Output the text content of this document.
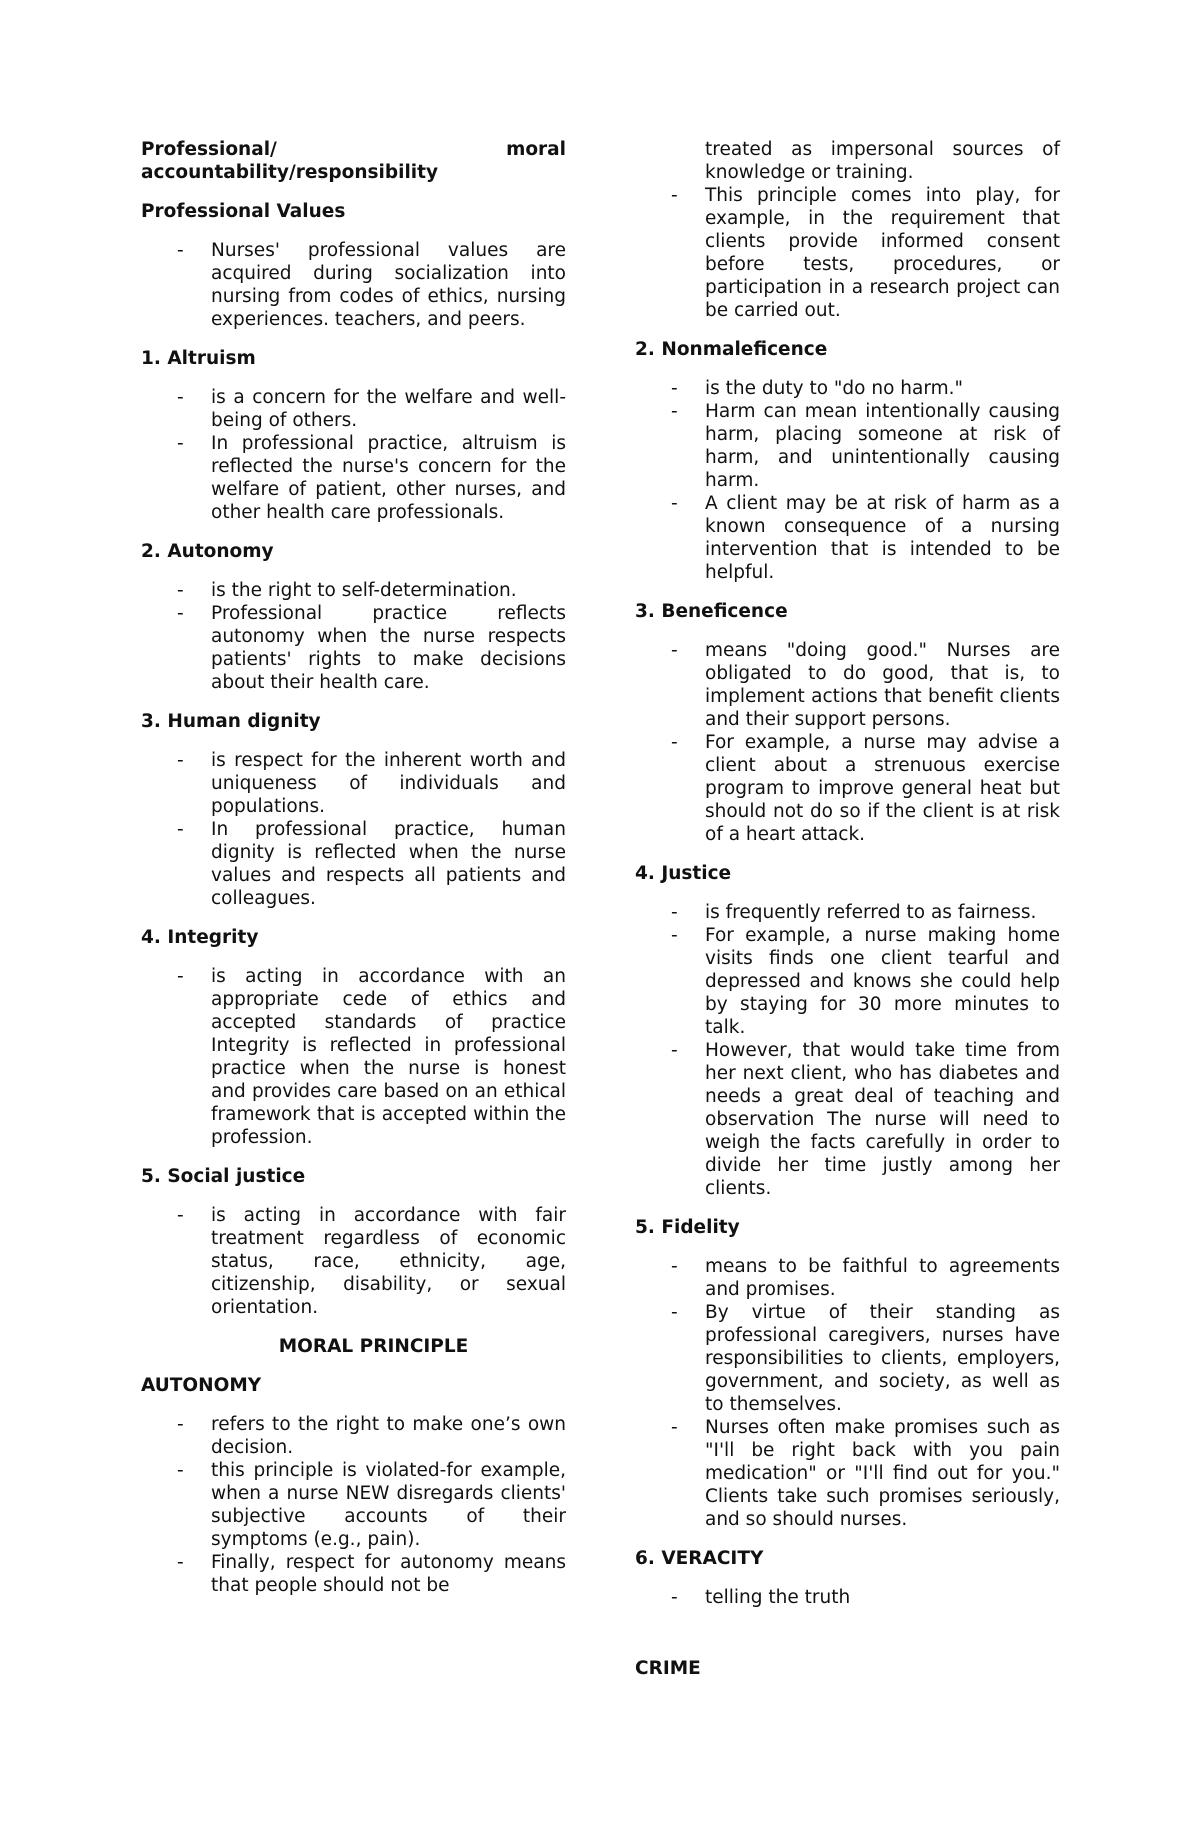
Professional/	moral
accountability/responsibility
Professional Values
- Nurses' professional values are acquired during socialization into nursing from codes of ethics, nursing experiences. teachers, and peers.
1. Altruism
- is a concern for the welfare and well-being of others.
- In professional practice, altruism is reflected the nurse's concern for the welfare of patient, other nurses, and other health care professionals.
2. Autonomy
- is the right to self-determination.
- Professional practice reflects autonomy when the nurse respects patients' rights to make decisions about their health care.
3. Human dignity
- is respect for the inherent worth and uniqueness of individuals and populations.
- In professional practice, human dignity is reflected when the nurse values and respects all patients and colleagues.
4. Integrity
- is acting in accordance with an appropriate cede of ethics and accepted standards of practice Integrity is reflected in professional practice when the nurse is honest and provides care based on an ethical framework that is accepted within the profession.
5. Social justice
- is acting in accordance with fair treatment regardless of economic status, race, ethnicity, age, citizenship, disability, or sexual orientation.
MORAL PRINCIPLE
AUTONOMY
- refers to the right to make one’s own decision.
- this principle is violated-for example, when a nurse NEW disregards clients' subjective accounts of their symptoms (e.g., pain).
- Finally, respect for autonomy means that people should not be
treated as impersonal sources of knowledge or training.
- This principle comes into play, for example, in the requirement that clients provide informed consent before tests, procedures, or participation in a research project can be carried out.
2. Nonmaleficence
- is the duty to "do no harm."
- Harm can mean intentionally causing harm, placing someone at risk of harm, and unintentionally causing harm.
- A client may be at risk of harm as a known consequence of a nursing intervention that is intended to be helpful.
3. Beneficence
- means "doing good." Nurses are obligated to do good, that is, to implement actions that benefit clients and their support persons.
- For example, a nurse may advise a client about a strenuous exercise program to improve general heat but should not do so if the client is at risk of a heart attack.
4. Justice
- is frequently referred to as fairness.
- For example, a nurse making home visits finds one client tearful and depressed and knows she could help by staying for 30 more minutes to talk.
- However, that would take time from her next client, who has diabetes and needs a great deal of teaching and observation The nurse will need to weigh the facts carefully in order to divide her time justly among her clients.
5. Fidelity
- means to be faithful to agreements and promises.
- By virtue of their standing as professional caregivers, nurses have responsibilities to clients, employers, government, and society, as well as to themselves.
- Nurses often make promises such as "I'll be right back with you pain medication" or "I'll find out for you." Clients take such promises seriously, and so should nurses.
6. VERACITY
- telling the truth
CRIME
